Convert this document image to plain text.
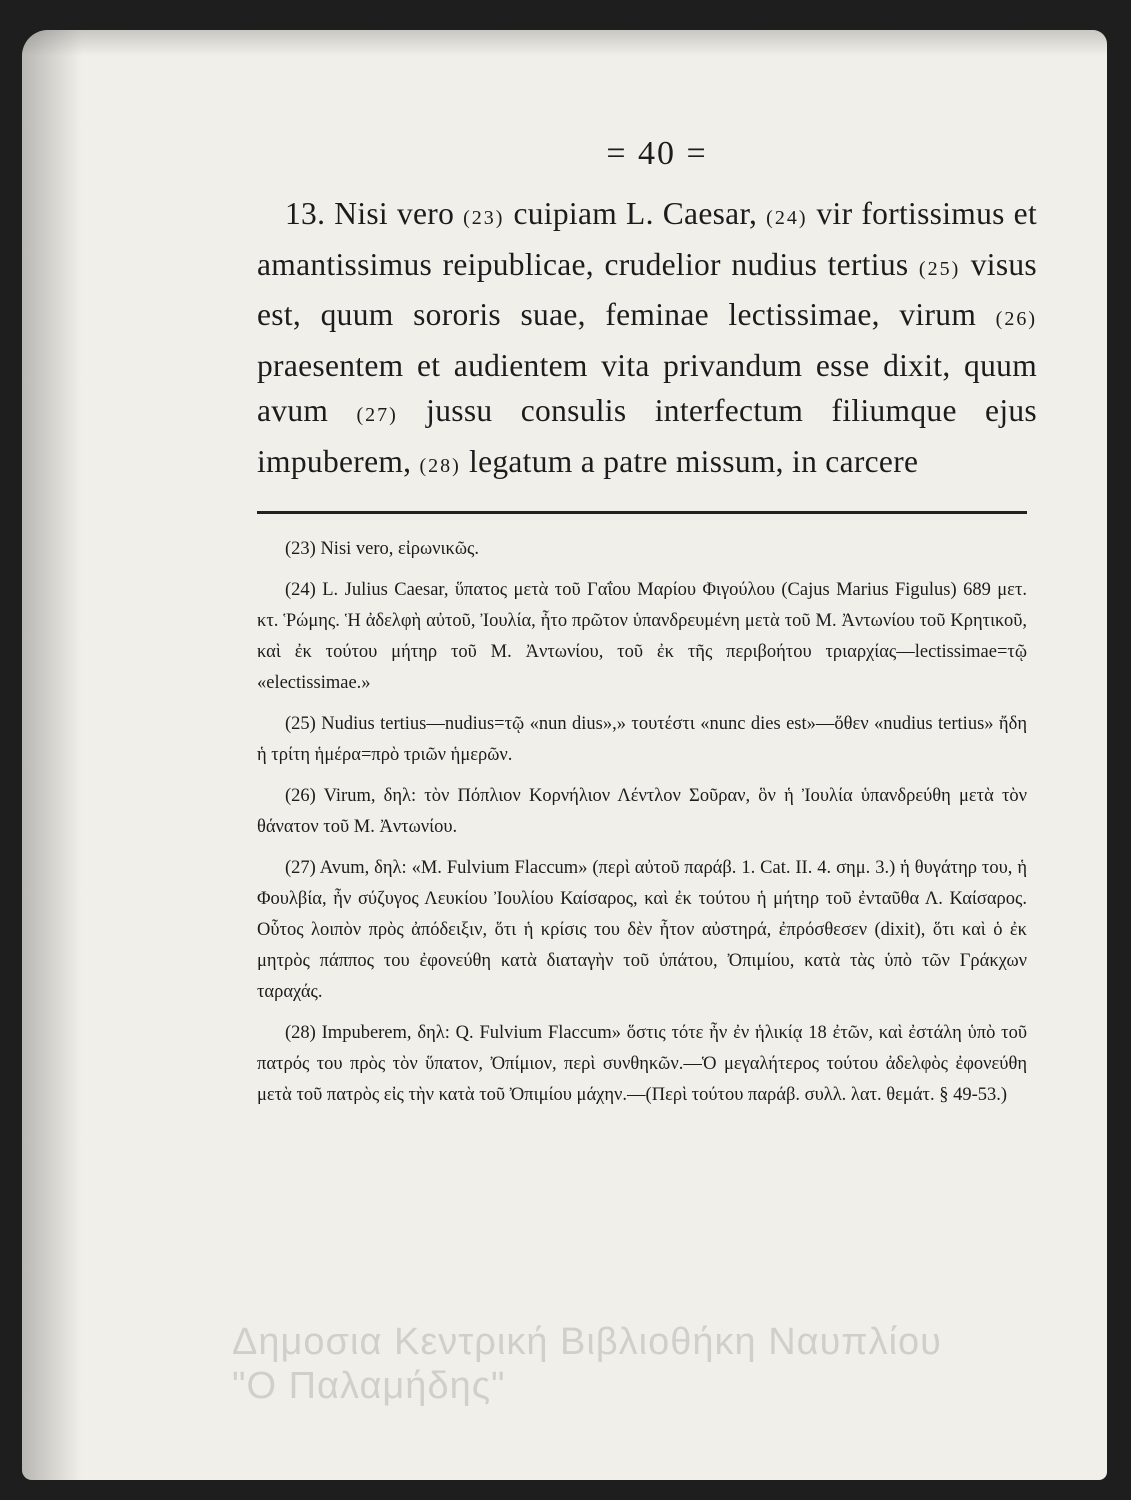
= 40 =

13. Nisi vero (23) cuipiam L. Caesar, (24) vir fortissimus et amantissimus reipublicae, crudelior nudius tertius (25) visus est, quum sororis suae, feminae lectissimae, virum (26) praesentem et audientem vita privandum esse dixit, quum avum (27) jussu consulis interfectum filiumque ejus impuberem, (28) legatum a patre missum, in carcere

(23) Nisi vero, εἰρωνικῶς.

(24) L. Julius Caesar, ὕπατος μετὰ τοῦ Γαΐου Μαρίου Φιγούλου (Cajus Marius Figulus) 689 μετ. κτ. Ῥώμης. Ἡ ἀδελφὴ αὐτοῦ, Ἰουλία, ἦτο πρῶτον ὑπανδρευμένη μετὰ τοῦ Μ. Ἀντωνίου τοῦ Κρητικοῦ, καὶ ἐκ τούτου μήτηρ τοῦ Μ. Ἀντωνίου, τοῦ ἐκ τῆς περιβοήτου τριαρχίας—lectissimae=τῷ «electissimae.»

(25) Nudius tertius—nudius=τῷ «nun dius»,» τουτέστι «nunc dies est»—ὅθεν «nudius tertius» ἤδη ἡ τρίτη ἡμέρα=πρὸ τριῶν ἡμερῶν.

(26) Virum, δηλ: τὸν Πόπλιον Κορνήλιον Λέντλον Σοῦραν, ὃν ἡ Ἰουλία ὑπανδρεύθη μετὰ τὸν θάνατον τοῦ Μ. Ἀντωνίου.

(27) Avum, δηλ: «M. Fulvium Flaccum» (περὶ αὐτοῦ παράβ. 1. Cat. II. 4. σημ. 3.) ἡ θυγάτηρ του, ἡ Φουλβία, ἦν σύζυγος Λευκίου Ἰουλίου Καίσαρος, καὶ ἐκ τούτου ἡ μήτηρ τοῦ ἐνταῦθα Λ. Καίσαρος. Οὗτος λοιπὸν πρὸς ἀπόδειξιν, ὅτι ἡ κρίσις του δὲν ἦτον αὐστηρά, ἐπρόσθεσεν (dixit), ὅτι καὶ ὁ ἐκ μητρὸς πάππος του ἐφονεύθη κατὰ διαταγὴν τοῦ ὑπάτου, Ὀπιμίου, κατὰ τὰς ὑπὸ τῶν Γράκχων ταραχάς.

(28) Impuberem, δηλ: Q. Fulvium Flaccum» ὅστις τότε ἦν ἐν ἡλικίᾳ 18 ἐτῶν, καὶ ἐστάλη ὑπὸ τοῦ πατρός του πρὸς τὸν ὕπατον, Ὀπίμιον, περὶ συνθηκῶν.—Ὁ μεγαλήτερος τούτου ἀδελφὸς ἐφονεύθη μετὰ τοῦ πατρὸς εἰς τὴν κατὰ τοῦ Ὀπιμίου μάχην.—(Περὶ τούτου παράβ. συλλ. λατ. θεμάτ. § 49-53.)

Δημοσια Κεντρική Βιβλιοθήκη Ναυπλίου
"Ο Παλαμήδης"
